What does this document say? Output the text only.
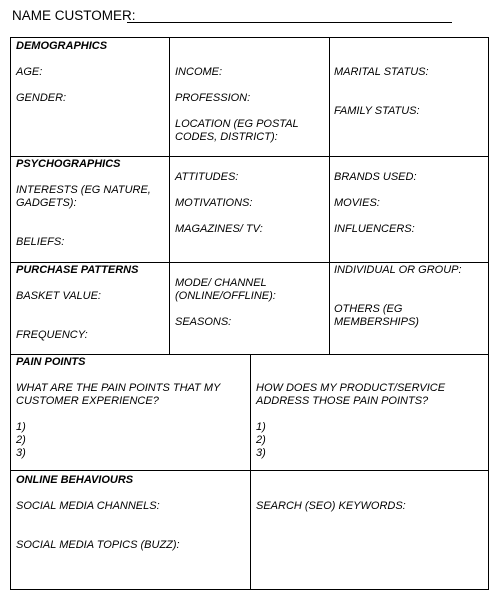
NAME CUSTOMER:
DEMOGRAPHICS
AGE:
GENDER:
INCOME:
PROFESSION:
LOCATION (EG POSTAL
CODES, DISTRICT):
MARITAL STATUS:
FAMILY STATUS:
PSYCHOGRAPHICS
INTERESTS (EG NATURE,
GADGETS):
BELIEFS:
ATTITUDES:
MOTIVATIONS:
MAGAZINES/ TV:
BRANDS USED:
MOVIES:
INFLUENCERS:
PURCHASE PATTERNS
BASKET VALUE:
FREQUENCY:
MODE/ CHANNEL
(ONLINE/OFFLINE):
SEASONS:
INDIVIDUAL OR GROUP:
OTHERS (EG
MEMBERSHIPS)
PAIN POINTS
WHAT ARE THE PAIN POINTS THAT MY
CUSTOMER EXPERIENCE?
1)
2)
3)
HOW DOES MY PRODUCT/SERVICE
ADDRESS THOSE PAIN POINTS?
1)
2)
3)
ONLINE BEHAVIOURS
SOCIAL MEDIA CHANNELS:
SOCIAL MEDIA TOPICS (BUZZ):
SEARCH (SEO) KEYWORDS:
